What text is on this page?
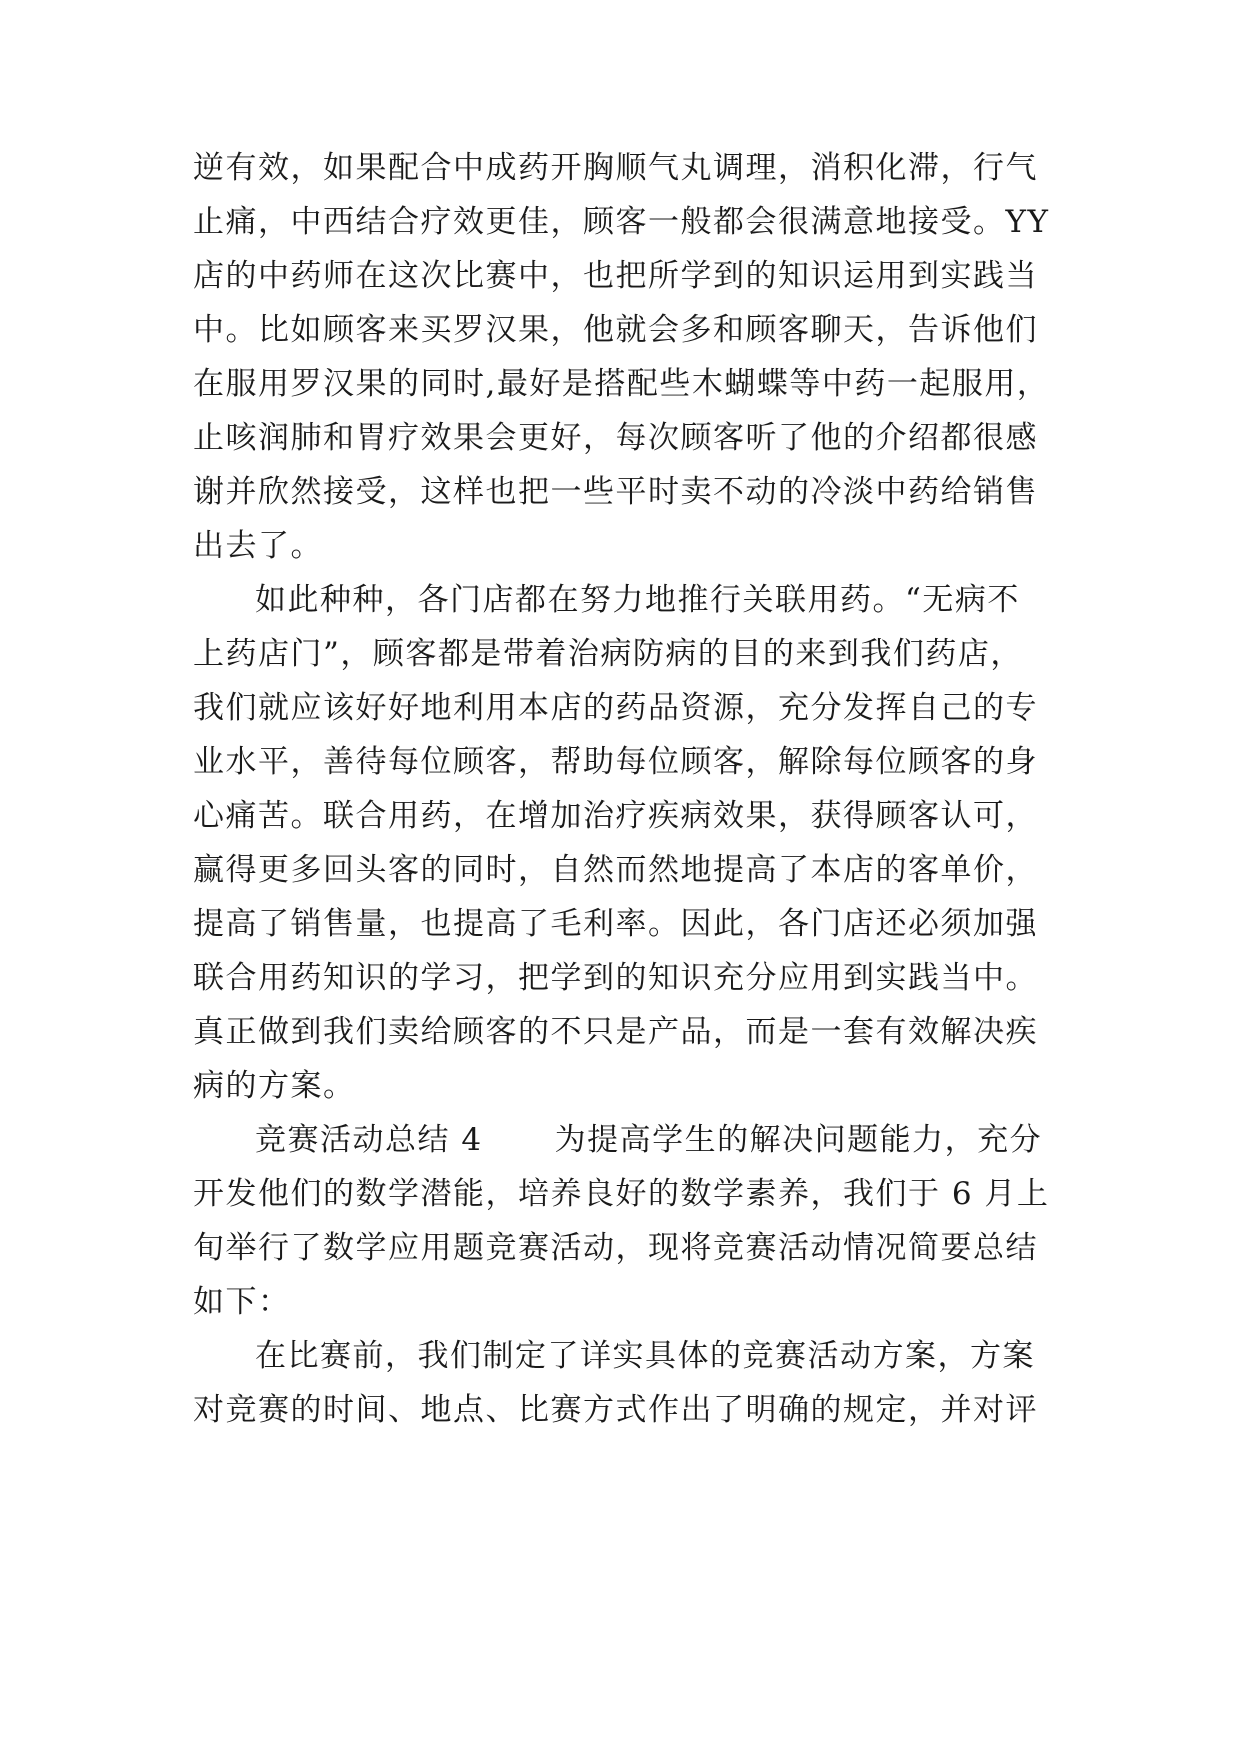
逆有效，如果配合中成药开胸顺气丸调理，消积化滞，行气
止痛，中西结合疗效更佳，顾客一般都会很满意地接受。YY
店的中药师在这次比赛中，也把所学到的知识运用到实践当
中。比如顾客来买罗汉果，他就会多和顾客聊天，告诉他们
在服用罗汉果的同时,最好是搭配些木蝴蝶等中药一起服用，
止咳润肺和胃疗效果会更好，每次顾客听了他的介绍都很感
谢并欣然接受，这样也把一些平时卖不动的冷淡中药给销售
出去了。
如此种种，各门店都在努力地推行关联用药。“无病不
上药店门”，顾客都是带着治病防病的目的来到我们药店，
我们就应该好好地利用本店的药品资源，充分发挥自己的专
业水平，善待每位顾客，帮助每位顾客，解除每位顾客的身
心痛苦。联合用药，在增加治疗疾病效果，获得顾客认可，
赢得更多回头客的同时，自然而然地提高了本店的客单价，
提高了销售量，也提高了毛利率。因此，各门店还必须加强
联合用药知识的学习，把学到的知识充分应用到实践当中。
真正做到我们卖给顾客的不只是产品，而是一套有效解决疾
病的方案。
竞赛活动总结 4 为提高学生的解决问题能力，充分
开发他们的数学潜能，培养良好的数学素养，我们于 6 月上
旬举行了数学应用题竞赛活动，现将竞赛活动情况简要总结
如下：
在比赛前，我们制定了详实具体的竞赛活动方案，方案
对竞赛的时间、地点、比赛方式作出了明确的规定，并对评
